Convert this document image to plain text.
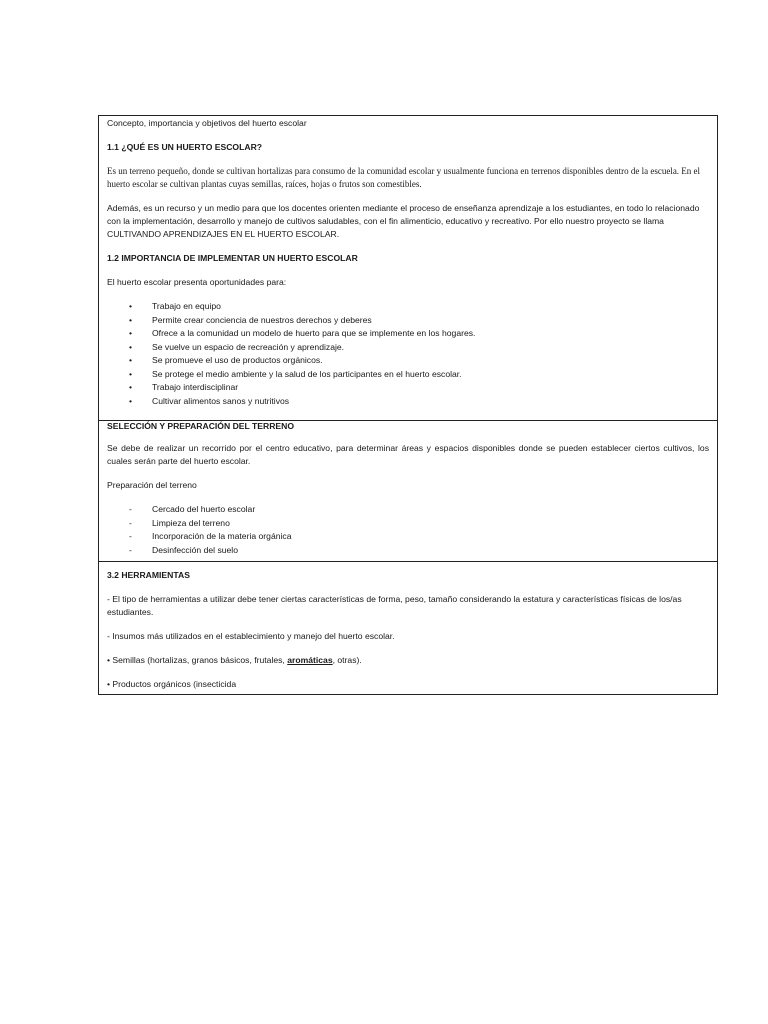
Concepto, importancia y objetivos del huerto escolar

1.1 ¿QUÉ ES UN HUERTO ESCOLAR?

Es un terreno pequeño, donde se cultivan hortalizas para consumo de la comunidad escolar y usualmente funciona en terrenos disponibles dentro de la escuela. En el huerto escolar se cultivan plantas cuyas semillas, raíces, hojas o frutos son comestibles.

Además, es un recurso y un medio para que los docentes orienten mediante el proceso de enseñanza aprendizaje a los estudiantes, en todo lo relacionado con la implementación, desarrollo y manejo de cultivos saludables, con el fin alimenticio, educativo y recreativo. Por ello nuestro proyecto se llama CULTIVANDO APRENDIZAJES EN EL HUERTO ESCOLAR.

1.2 IMPORTANCIA DE IMPLEMENTAR UN HUERTO ESCOLAR

El huerto escolar presenta oportunidades para:

•	Trabajo en equipo
•	Permite crear conciencia de nuestros derechos y deberes
•	Ofrece a la comunidad un modelo de huerto para que se implemente en los hogares.
•	Se vuelve un espacio de recreación y aprendizaje.
•	Se promueve el uso de productos orgánicos.
•	Se protege el medio ambiente y la salud de los participantes en el huerto escolar.
•	Trabajo interdisciplinar
•	Cultivar alimentos sanos y nutritivos

SELECCIÓN Y PREPARACIÓN DEL TERRENO

Se debe de realizar un recorrido por el centro educativo, para determinar áreas y espacios disponibles donde se pueden establecer ciertos cultivos, los cuales serán parte del huerto escolar.

Preparación del terreno

-	Cercado del huerto escolar
-	Limpieza del terreno
-	Incorporación de la materia orgánica
-	Desinfección del suelo

3.2 HERRAMIENTAS

- El tipo de herramientas a utilizar debe tener ciertas características de forma, peso, tamaño considerando la estatura y características físicas de los/as estudiantes.

- Insumos más utilizados en el establecimiento y manejo del huerto escolar.

• Semillas (hortalizas, granos básicos, frutales, aromáticas, otras).

• Productos orgánicos (insecticida
